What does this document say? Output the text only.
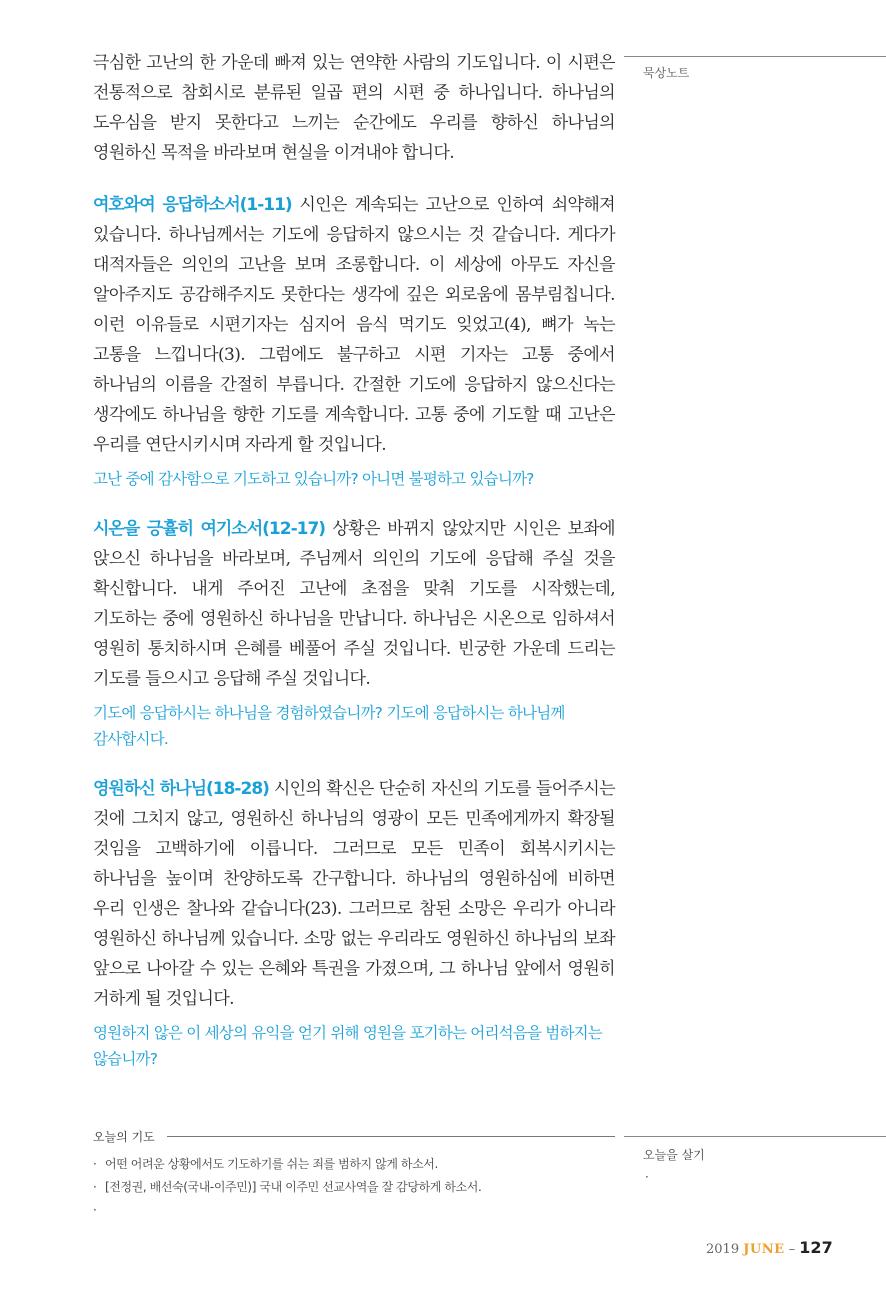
묵상노트

극심한 고난의 한 가운데 빠져 있는 연약한 사람의 기도입니다. 이 시편은 전통적으로 참회시로 분류된 일곱 편의 시편 중 하나입니다. 하나님의 도우심을 받지 못한다고 느끼는 순간에도 우리를 향하신 하나님의 영원하신 목적을 바라보며 현실을 이겨내야 합니다.

여호와여 응답하소서(1-11) 시인은 계속되는 고난으로 인하여 쇠약해져 있습니다. 하나님께서는 기도에 응답하지 않으시는 것 같습니다. 게다가 대적자들은 의인의 고난을 보며 조롱합니다. 이 세상에 아무도 자신을 알아주지도 공감해주지도 못한다는 생각에 깊은 외로움에 몸부림칩니다. 이런 이유들로 시편기자는 심지어 음식 먹기도 잊었고(4), 뼈가 녹는 고통을 느낍니다(3). 그럼에도 불구하고 시편 기자는 고통 중에서 하나님의 이름을 간절히 부릅니다. 간절한 기도에 응답하지 않으신다는 생각에도 하나님을 향한 기도를 계속합니다. 고통 중에 기도할 때 고난은 우리를 연단시키시며 자라게 할 것입니다.

고난 중에 감사함으로 기도하고 있습니까? 아니면 불평하고 있습니까?

시온을 긍휼히 여기소서(12-17) 상황은 바뀌지 않았지만 시인은 보좌에 앉으신 하나님을 바라보며, 주님께서 의인의 기도에 응답해 주실 것을 확신합니다. 내게 주어진 고난에 초점을 맞춰 기도를 시작했는데, 기도하는 중에 영원하신 하나님을 만납니다. 하나님은 시온으로 임하셔서 영원히 통치하시며 은혜를 베풀어 주실 것입니다. 빈궁한 가운데 드리는 기도를 들으시고 응답해 주실 것입니다.

기도에 응답하시는 하나님을 경험하였습니까? 기도에 응답하시는 하나님께 감사합시다.

영원하신 하나님(18-28) 시인의 확신은 단순히 자신의 기도를 들어주시는 것에 그치지 않고, 영원하신 하나님의 영광이 모든 민족에게까지 확장될 것임을 고백하기에 이릅니다. 그러므로 모든 민족이 회복시키시는 하나님을 높이며 찬양하도록 간구합니다. 하나님의 영원하심에 비하면 우리 인생은 찰나와 같습니다(23). 그러므로 참된 소망은 우리가 아니라 영원하신 하나님께 있습니다. 소망 없는 우리라도 영원하신 하나님의 보좌 앞으로 나아갈 수 있는 은혜와 특권을 가졌으며, 그 하나님 앞에서 영원히 거하게 될 것입니다.

영원하지 않은 이 세상의 유익을 얻기 위해 영원을 포기하는 어리석음을 범하지는 않습니까?

오늘의 기도
· 어떤 어려운 상황에서도 기도하기를 쉬는 죄를 범하지 않게 하소서.
· [전정권, 배선숙(국내-이주민)] 국내 이주민 선교사역을 잘 감당하게 하소서.
·
오늘을 살기
·
2019 JUNE – 127
